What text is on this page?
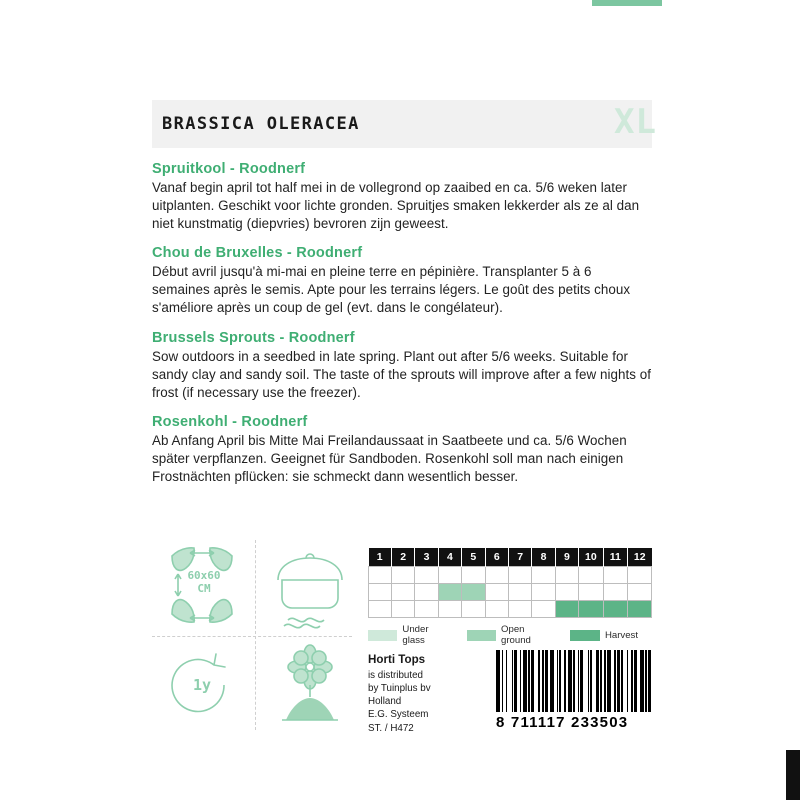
BRASSICA OLERACEA	XL
Spruitkool - Roodnerf
Vanaf begin april tot half mei in de vollegrond op zaaibed en ca. 5/6 weken later uitplanten. Geschikt voor lichte gronden. Spruitjes smaken lekkerder als ze al dan niet kunstmatig (diepvries) bevroren zijn geweest.
Chou de Bruxelles - Roodnerf
Début avril jusqu'à mi-mai en pleine terre en pépinière. Transplanter 5 à 6 semaines après le semis. Apte pour les terrains légers. Le goût des petits choux s'améliore après un coup de gel (evt. dans le congélateur).
Brussels Sprouts - Roodnerf
Sow outdoors in a seedbed in late spring. Plant out after 5/6 weeks. Suitable for sandy clay and sandy soil. The taste of the sprouts will improve after a few nights of frost (if necessary use the freezer).
Rosenkohl - Roodnerf
Ab Anfang April bis Mitte Mai Freilandaussaat in Saatbeete und ca. 5/6 Wochen später verpflanzen. Geeignet für Sandboden. Rosenkohl soll man nach einigen Frostnächten pflücken: sie schmeckt dann wesentlich besser.
60x60
CM
1y
1	2	3	4	5	6	7	8	9	10	11	12

Under glass
Open ground	Harvest
Horti Tops
is distributed
by Tuinplus bv
Holland
E.G. Systeem
ST. / H472	8 711117 233503
